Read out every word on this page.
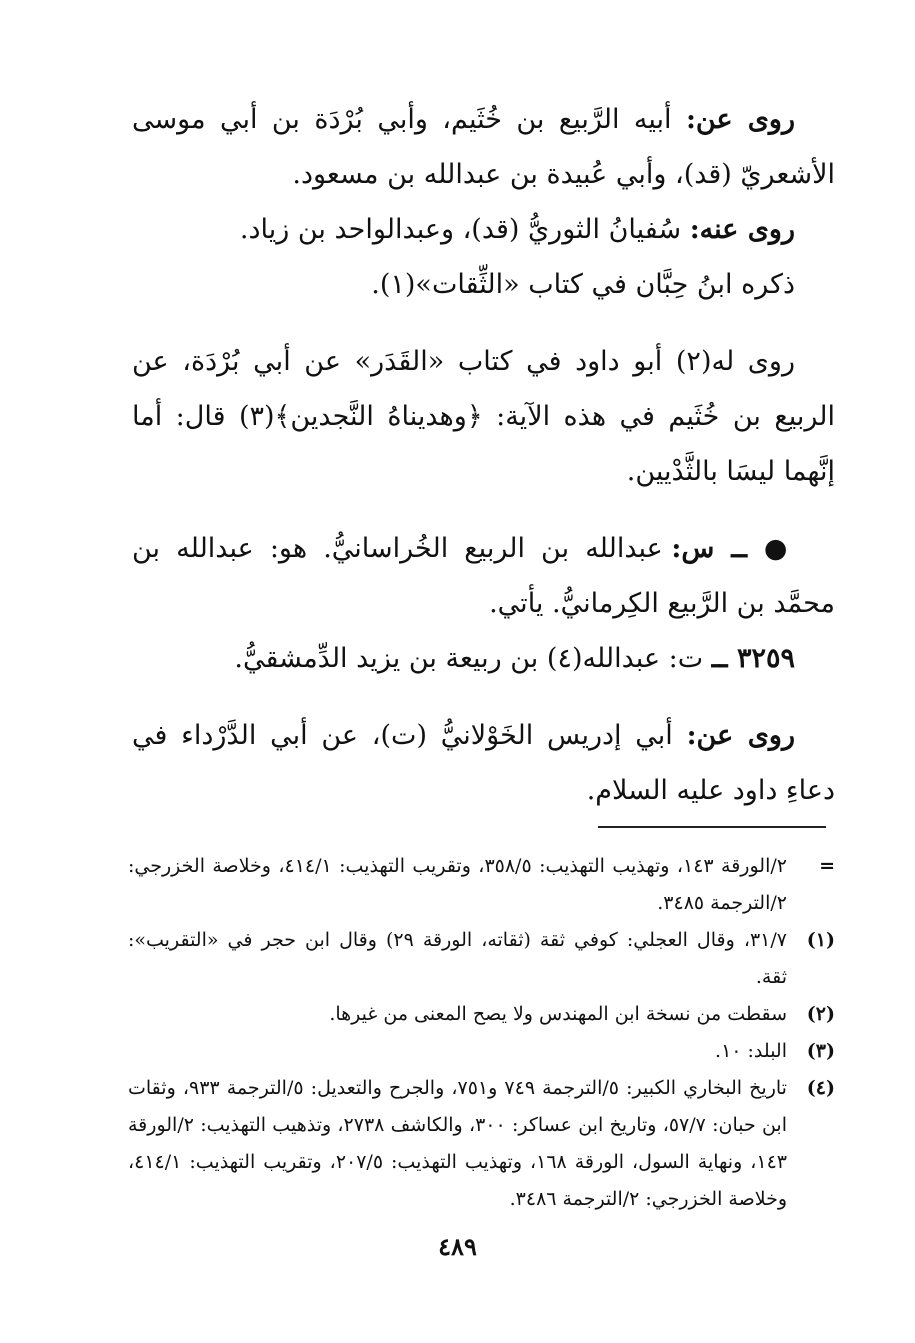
روى عن: أبيه الرَّبيع بن خُثَيم، وأبي بُرْدَة بن أبي موسى الأشعريّ (قد)، وأبي عُبيدة بن عبدالله بن مسعود.

روى عنه: سُفيانُ الثوريُّ (قد)، وعبدالواحد بن زياد.

ذكره ابنُ حِبَّان في كتاب «الثِّقات»(١).

روى له(٢) أبو داود في كتاب «القَدَر» عن أبي بُرْدَة، عن الربيع بن خُثَيم في هذه الآية: ﴿وهديناهُ النَّجدين﴾(٣) قال: أما إنَّهما ليسَا بالثَّدْيين.

● ــ س: عبدالله بن الربيع الخُراسانيُّ. هو: عبدالله بن محمَّد بن الرَّبيع الكِرمانيُّ. يأتي.

٣٢٥٩ ــ ت: عبدالله(٤) بن ربيعة بن يزيد الدِّمشقيُّ.

روى عن: أبي إدريس الخَوْلانيُّ (ت)، عن أبي الدَّرْداء في دعاءِ داود عليه السلام.

=
٢/الورقة ١٤٣، وتهذيب التهذيب: ٣٥٨/٥، وتقريب التهذيب: ٤١٤/١، وخلاصة الخزرجي: ٢/الترجمة ٣٤٨٥.

(١)
٣١/٧، وقال العجلي: كوفي ثقة (ثقاته، الورقة ٢٩) وقال ابن حجر في «التقريب»: ثقة.

(٢)
سقطت من نسخة ابن المهندس ولا يصح المعنى من غيرها.

(٣)
البلد: ١٠.

(٤)
تاريخ البخاري الكبير: ٥/الترجمة ٧٤٩ و٧٥١، والجرح والتعديل: ٥/الترجمة ٩٣٣، وثقات ابن حبان: ٥٧/٧، وتاريخ ابن عساكر: ٣٠٠، والكاشف ٢٧٣٨، وتذهيب التهذيب: ٢/الورقة ١٤٣، ونهاية السول، الورقة ١٦٨، وتهذيب التهذيب: ٢٠٧/٥، وتقريب التهذيب: ٤١٤/١، وخلاصة الخزرجي: ٢/الترجمة ٣٤٨٦.

٤٨٩
